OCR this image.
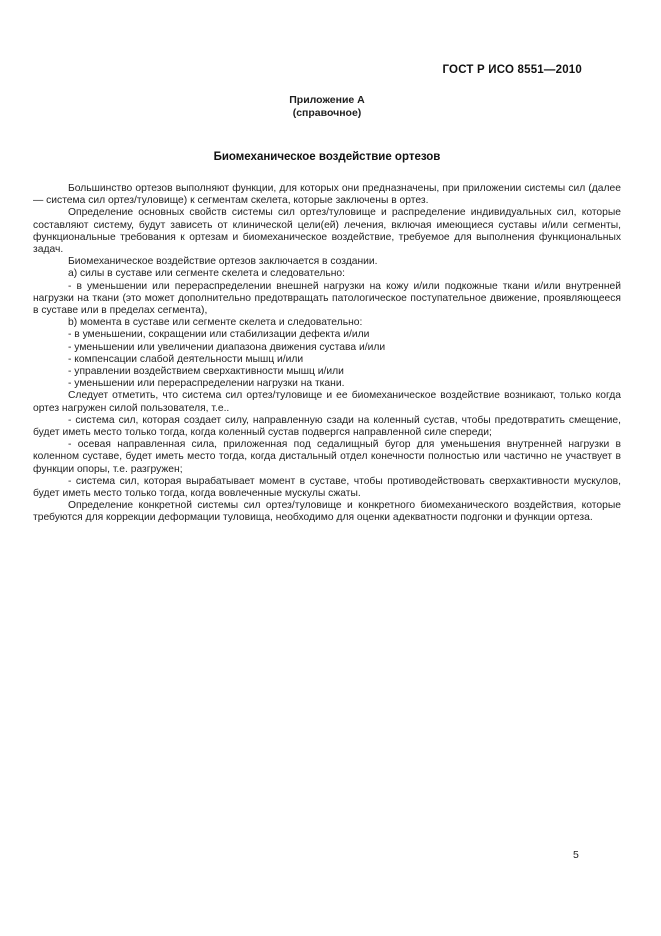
ГОСТ Р ИСО 8551—2010
Приложение А
(справочное)
Биомеханическое воздействие ортезов

Большинство ортезов выполняют функции, для которых они предназначены, при приложении системы сил (далее — система сил ортез/туловище) к сегментам скелета, которые заключены в ортез.

Определение основных свойств системы сил ортез/туловище и распределение индивидуальных сил, которые составляют систему, будут зависеть от клинической цели(ей) лечения, включая имеющиеся суставы и/или сегменты, функциональные требования к ортезам и биомеханическое воздействие, требуемое для выполнения функциональных задач.

Биомеханическое воздействие ортезов заключается в создании.

a) силы в суставе или сегменте скелета и следовательно:

- в уменьшении или перераспределении внешней нагрузки на кожу и/или подкожные ткани и/или внутренней нагрузки на ткани (это может дополнительно предотвращать патологическое поступательное движение, проявляющееся в суставе или в пределах сегмента),

b) момента в суставе или сегменте скелета и следовательно:

- в уменьшении, сокращении или стабилизации дефекта и/или

- уменьшении или увеличении диапазона движения сустава и/или

- компенсации слабой деятельности мышц и/или

- управлении воздействием сверхактивности мышц и/или

- уменьшении или перераспределении нагрузки на ткани.

Следует отметить, что система сил ортез/туловище и ее биомеханическое воздействие возникают, только когда ортез нагружен силой пользователя, т.е..

- система сил, которая создает силу, направленную сзади на коленный сустав, чтобы предотвратить смещение, будет иметь место только тогда, когда коленный сустав подвергся направленной силе спереди;

- осевая направленная сила, приложенная под седалищный бугор для уменьшения внутренней нагрузки в коленном суставе, будет иметь место тогда, когда дистальный отдел конечности полностью или частично не участвует в функции опоры, т.е. разгружен;

- система сил, которая вырабатывает момент в суставе, чтобы противодействовать сверхактивности мускулов, будет иметь место только тогда, когда вовлеченные мускулы сжаты.

Определение конкретной системы сил ортез/туловище и конкретного биомеханического воздействия, которые требуются для коррекции деформации туловища, необходимо для оценки адекватности подгонки и функции ортеза.

5
